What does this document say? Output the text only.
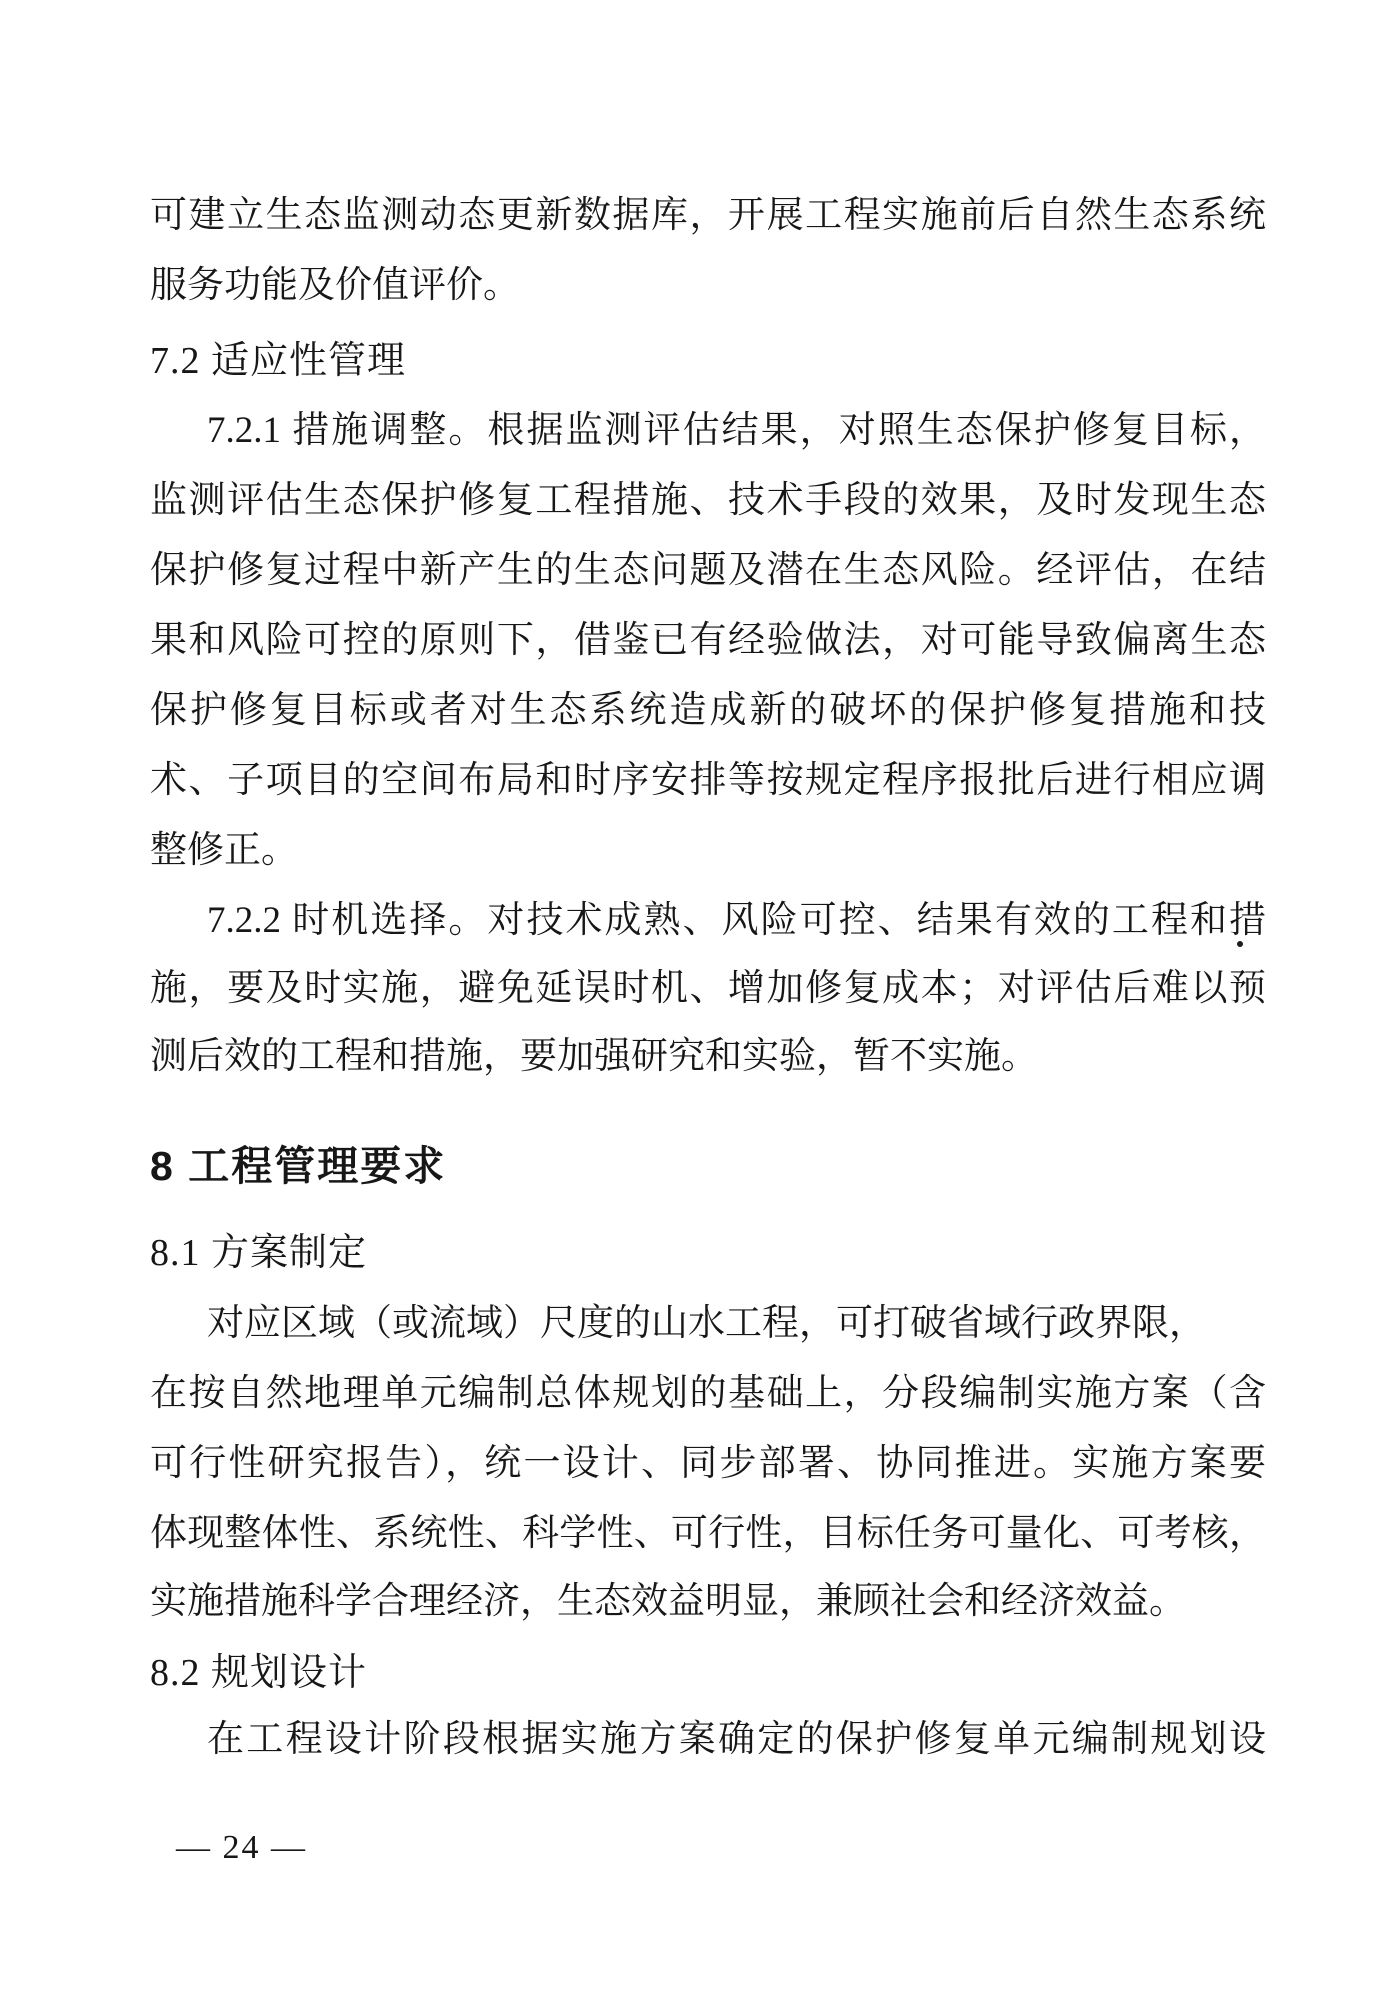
可建立生态监测动态更新数据库，开展工程实施前后自然生态系统
服务功能及价值评价。
7.2 适应性管理
7.2.1 措施调整。根据监测评估结果，对照生态保护修复目标，
监测评估生态保护修复工程措施、技术手段的效果，及时发现生态
保护修复过程中新产生的生态问题及潜在生态风险。经评估，在结
果和风险可控的原则下，借鉴已有经验做法，对可能导致偏离生态
保护修复目标或者对生态系统造成新的破坏的保护修复措施和技
术、子项目的空间布局和时序安排等按规定程序报批后进行相应调
整修正。
7.2.2 时机选择。对技术成熟、风险可控、结果有效的工程和措
施，要及时实施，避免延误时机、增加修复成本；对评估后难以预
测后效的工程和措施，要加强研究和实验，暂不实施。
8 工程管理要求
8.1 方案制定
对应区域（或流域）尺度的山水工程，可打破省域行政界限，
在按自然地理单元编制总体规划的基础上，分段编制实施方案（含
可行性研究报告），统一设计、同步部署、协同推进。实施方案要
体现整体性、系统性、科学性、可行性，目标任务可量化、可考核，
实施措施科学合理经济，生态效益明显，兼顾社会和经济效益。
8.2 规划设计
在工程设计阶段根据实施方案确定的保护修复单元编制规划设
— 24 —
